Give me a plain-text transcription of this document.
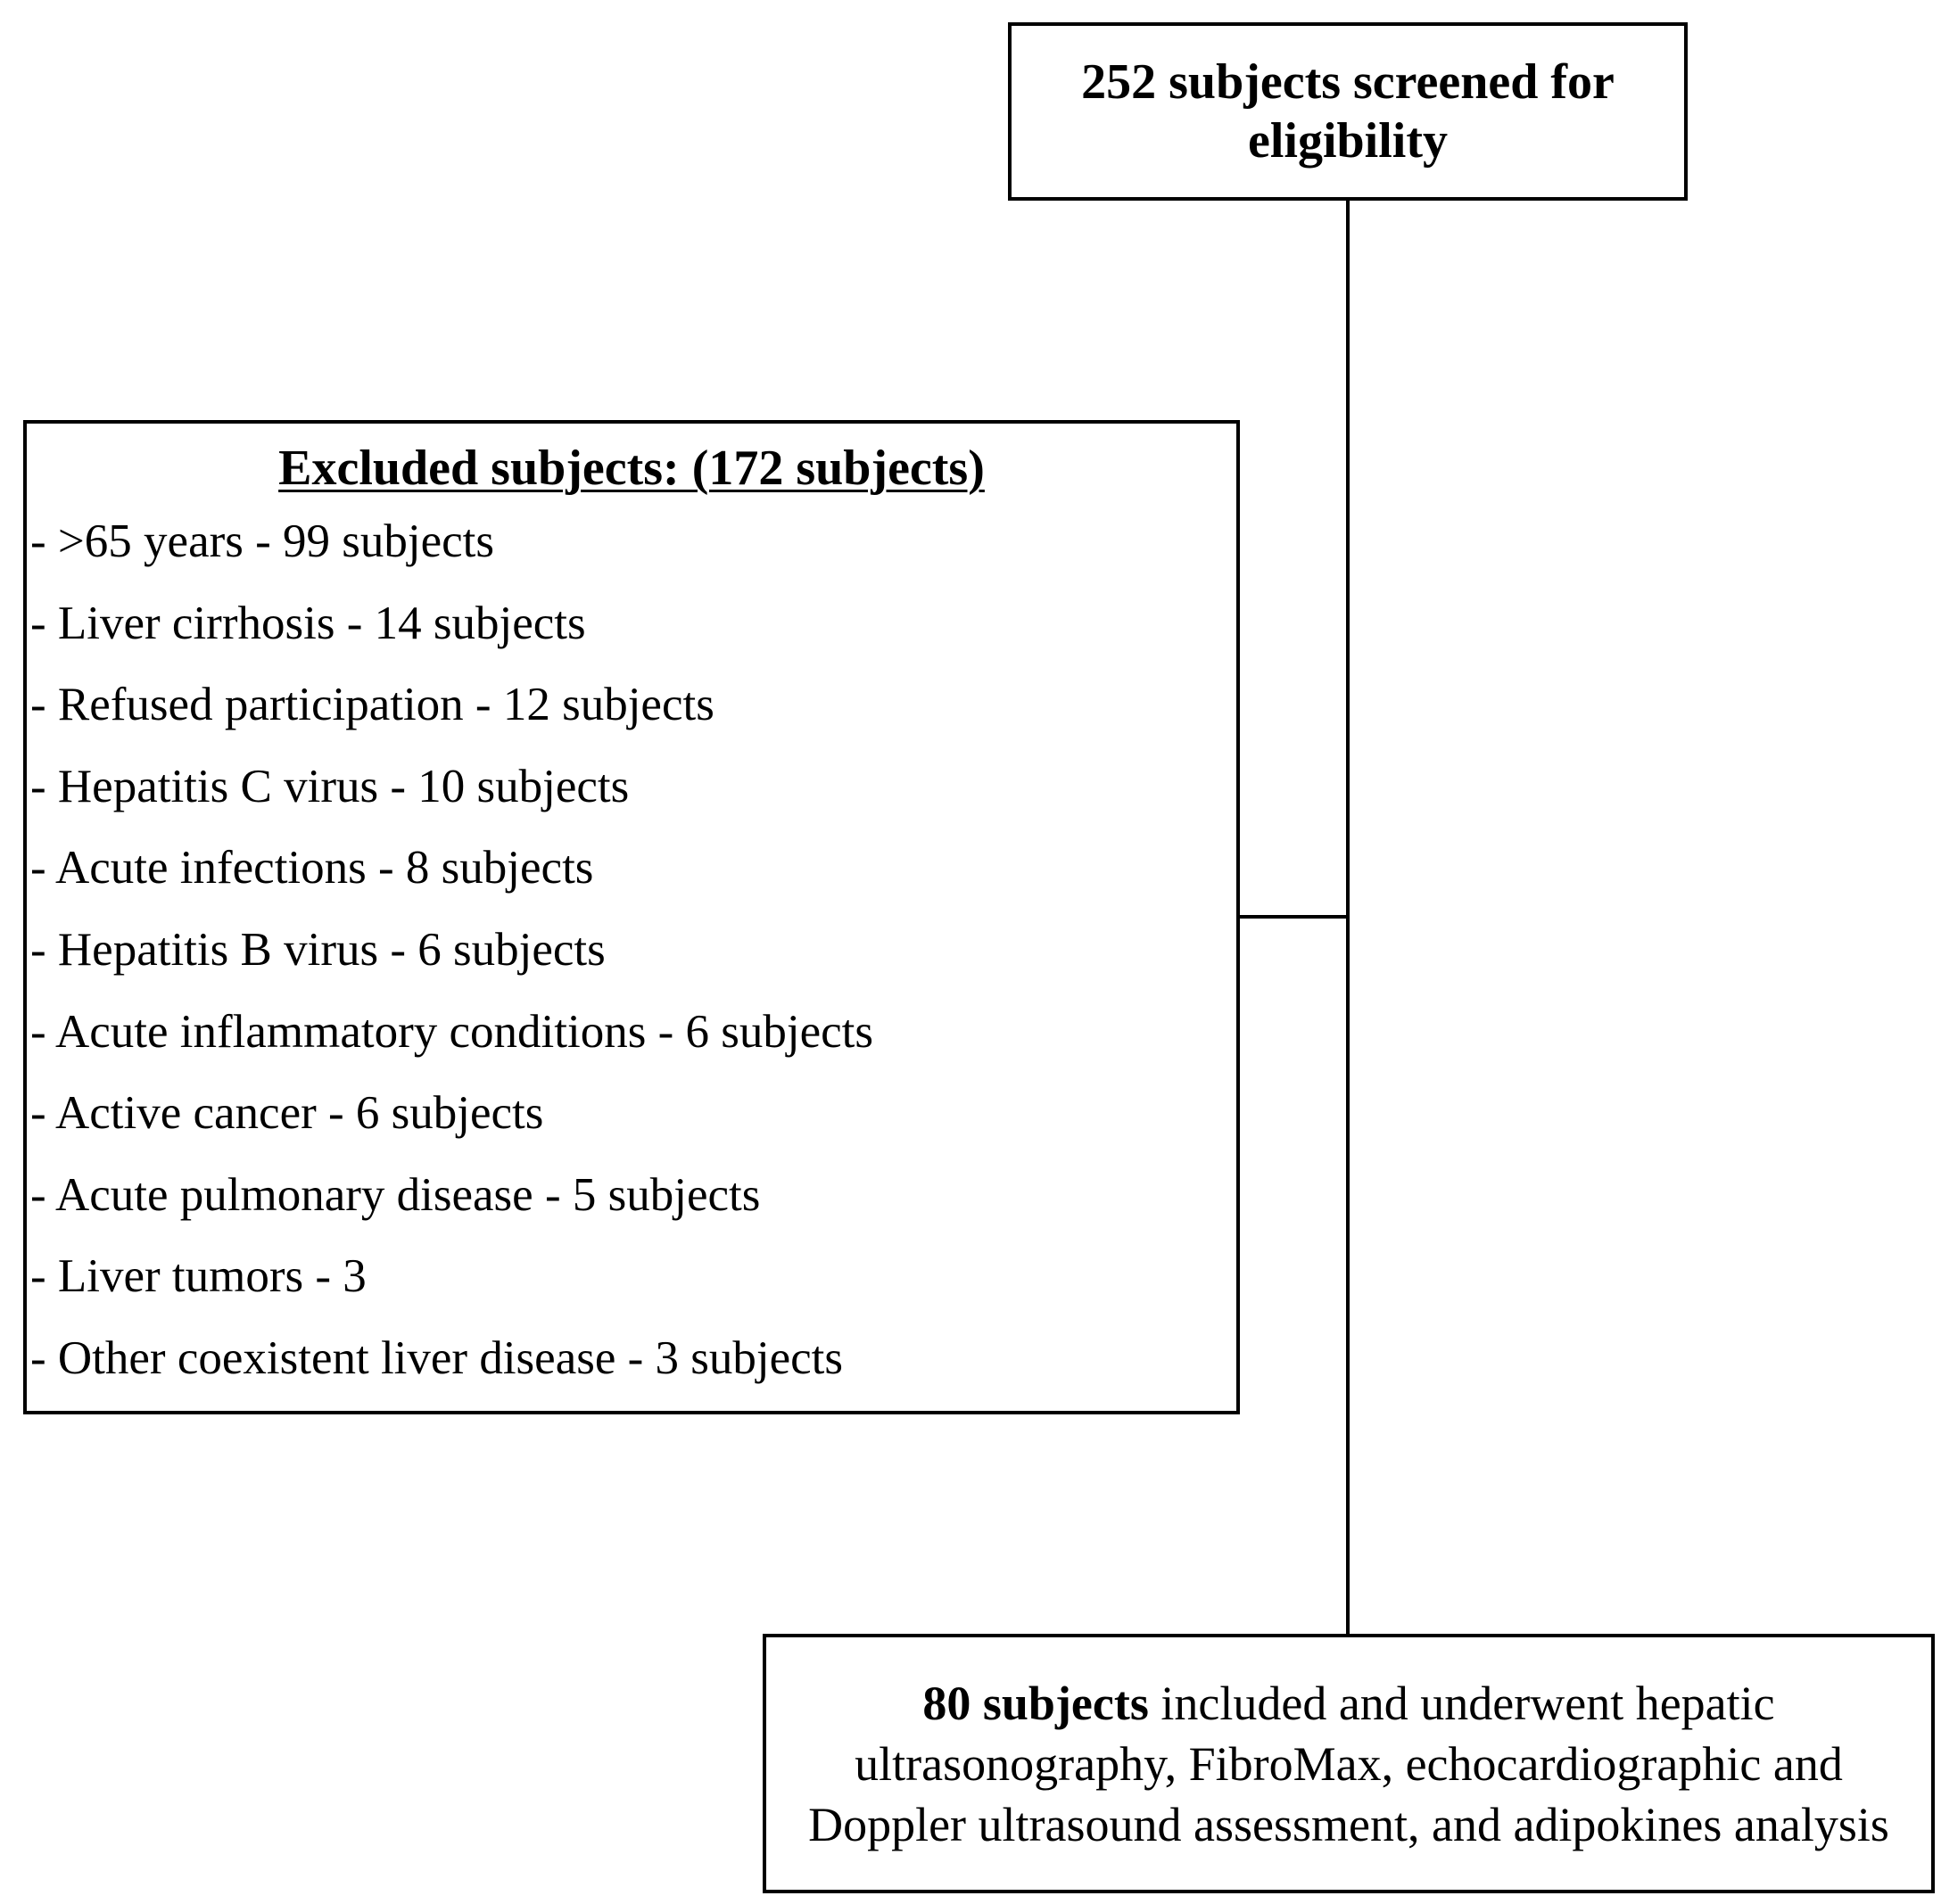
252 subjects screened for eligibility
Excluded subjects: (172 subjects)
- >65 years - 99 subjects
- Liver cirrhosis - 14 subjects
- Refused participation - 12 subjects
- Hepatitis C virus - 10 subjects
- Acute infections - 8 subjects
- Hepatitis B virus - 6 subjects
- Acute inflammatory conditions - 6 subjects
- Active cancer - 6 subjects
- Acute pulmonary disease - 5 subjects
- Liver tumors - 3
- Other coexistent liver disease - 3 subjects
80 subjects included and underwent hepatic ultrasonography, FibroMax, echocardiographic and Doppler ultrasound assessment, and adipokines analysis
